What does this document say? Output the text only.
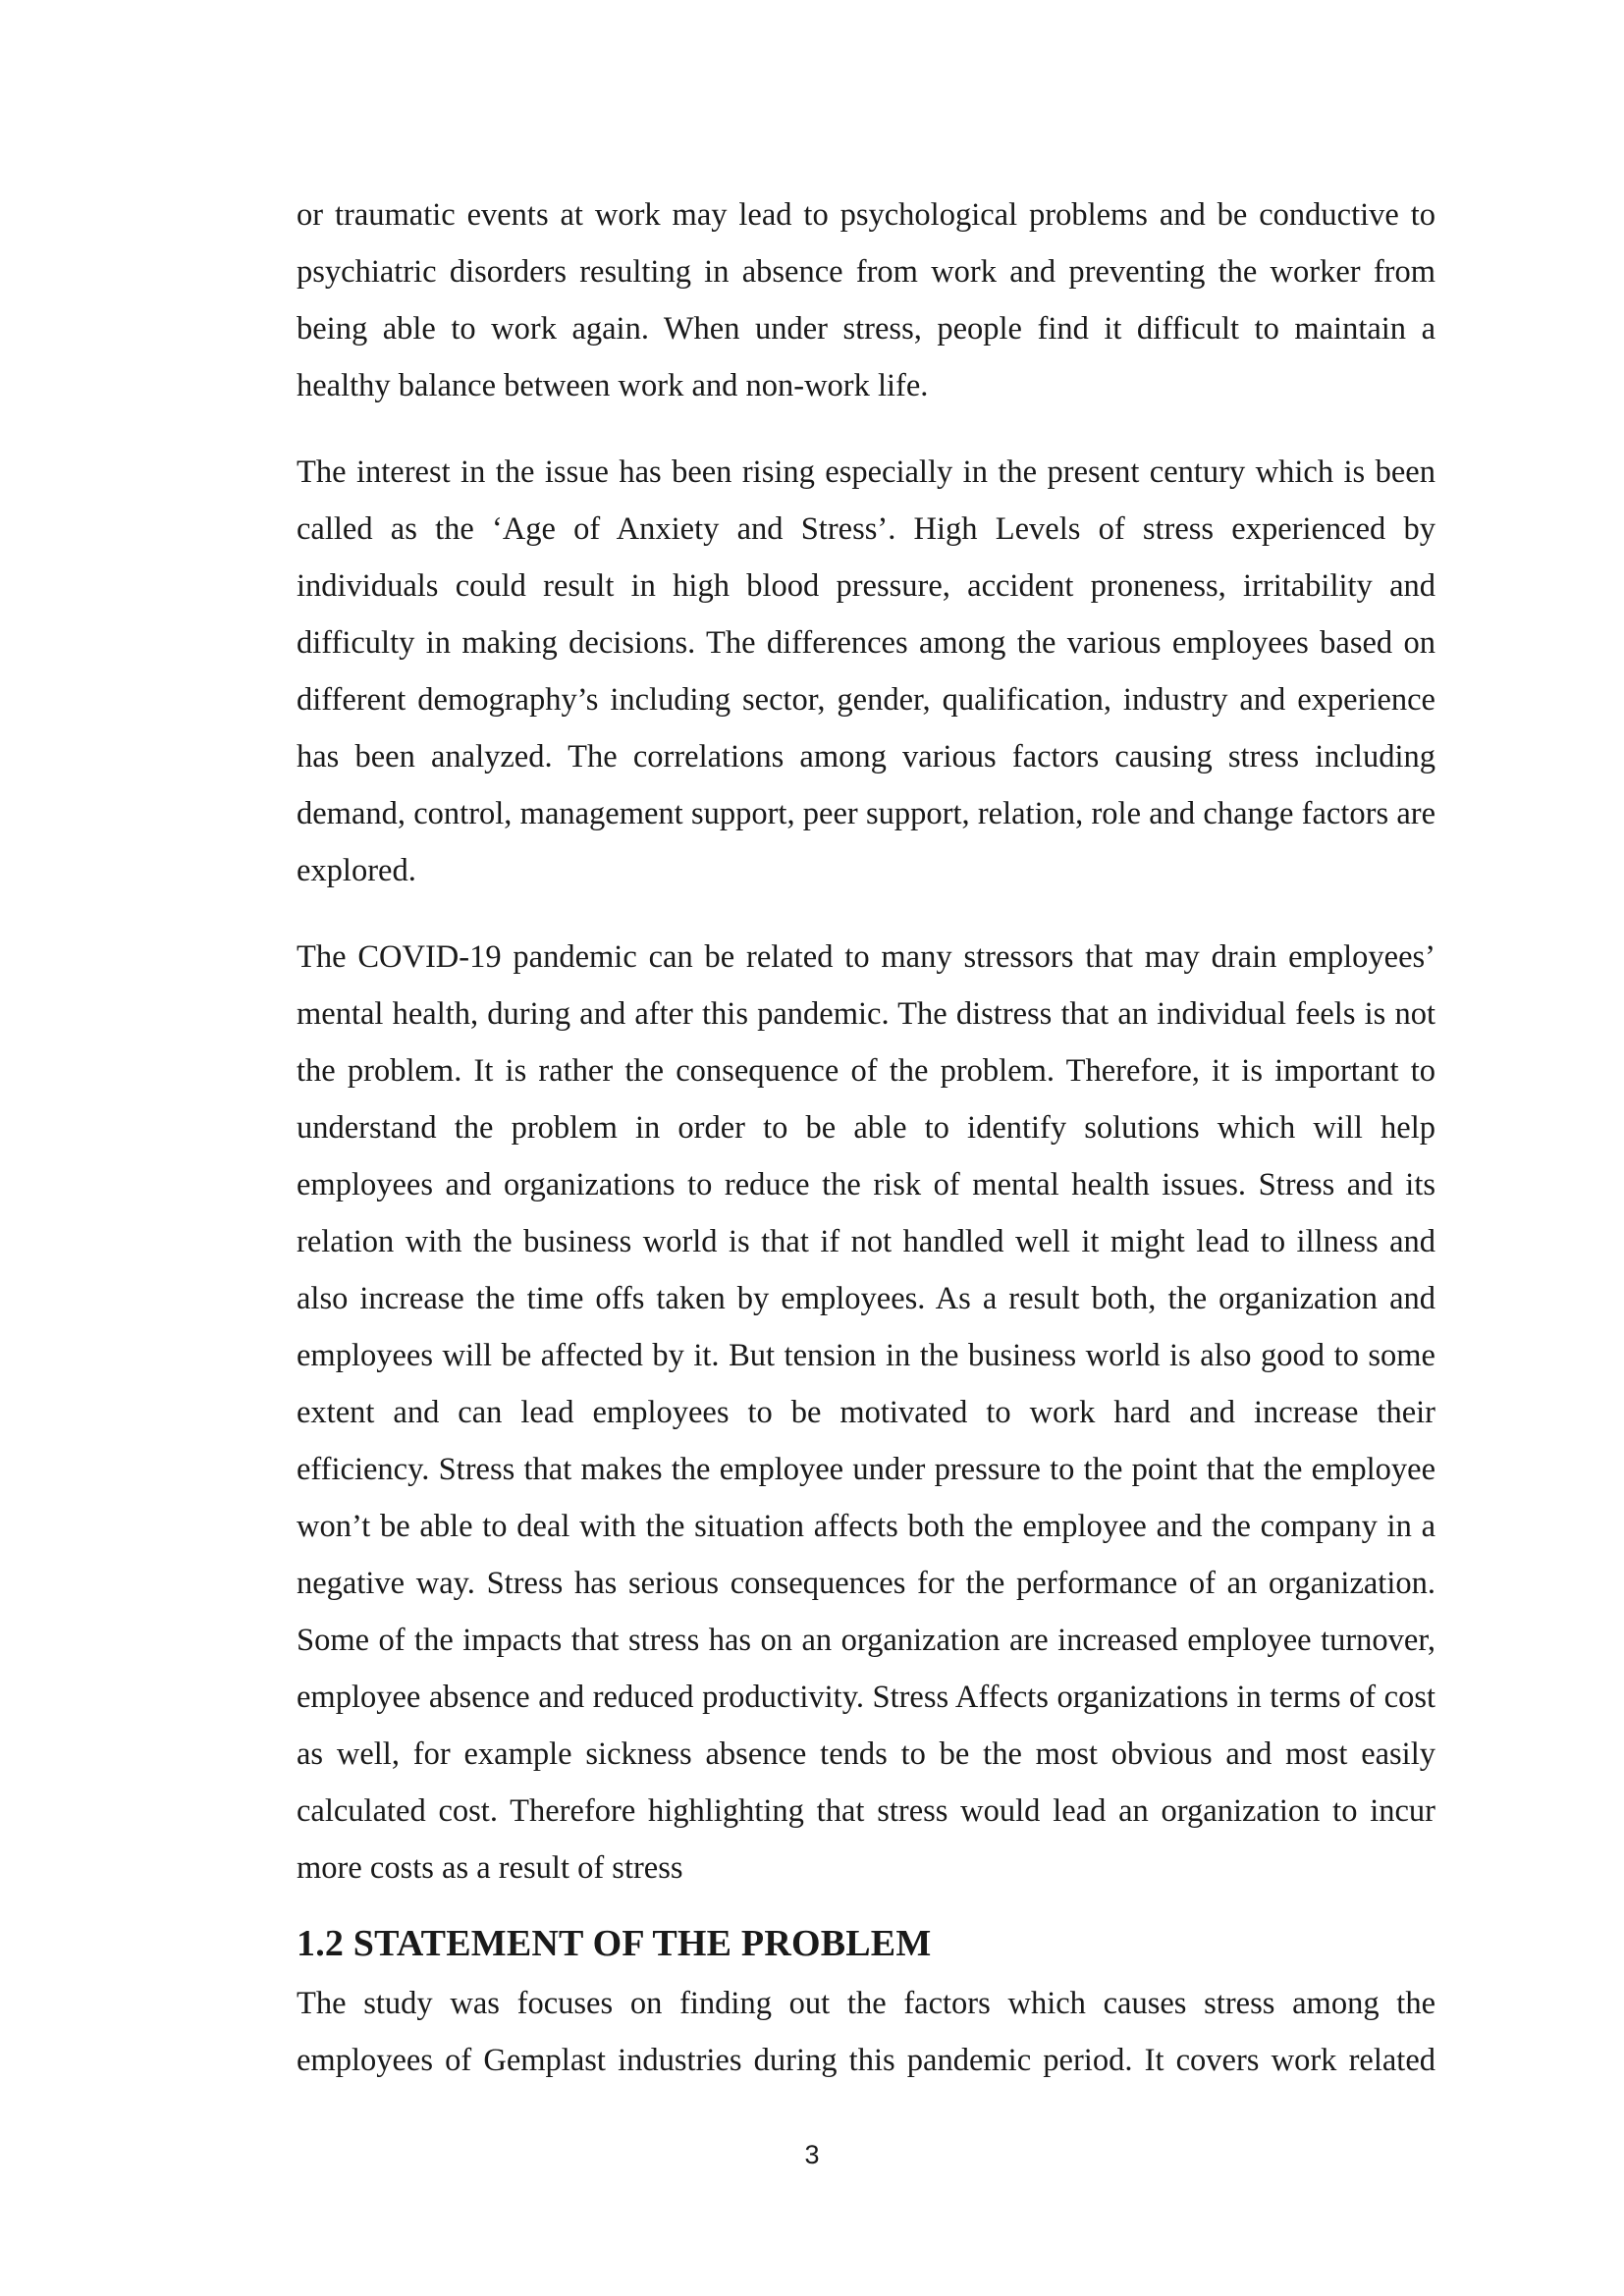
or traumatic events at work may lead to psychological problems and be conductive to psychiatric disorders resulting in absence from work and preventing the worker from being able to work again. When under stress, people find it difficult to maintain a healthy balance between work and non-work life.

The interest in the issue has been rising especially in the present century which is been called as the ‘Age of Anxiety and Stress’. High Levels of stress experienced by individuals could result in high blood pressure, accident proneness, irritability and difficulty in making decisions. The differences among the various employees based on different demography’s including sector, gender, qualification, industry and experience has been analyzed. The correlations among various factors causing stress including demand, control, management support, peer support, relation, role and change factors are explored.

The COVID-19 pandemic can be related to many stressors that may drain employees’ mental health, during and after this pandemic. The distress that an individual feels is not the problem. It is rather the consequence of the problem. Therefore, it is important to understand the problem in order to be able to identify solutions which will help employees and organizations to reduce the risk of mental health issues. Stress and its relation with the business world is that if not handled well it might lead to illness and also increase the time offs taken by employees. As a result both, the organization and employees will be affected by it. But tension in the business world is also good to some extent and can lead employees to be motivated to work hard and increase their efficiency. Stress that makes the employee under pressure to the point that the employee won’t be able to deal with the situation affects both the employee and the company in a negative way. Stress has serious consequences for the performance of an organization. Some of the impacts that stress has on an organization are increased employee turnover, employee absence and reduced productivity. Stress Affects organizations in terms of cost as well, for example sickness absence tends to be the most obvious and most easily calculated cost. Therefore highlighting that stress would lead an organization to incur more costs as a result of stress

1.2 STATEMENT OF THE PROBLEM

The study was focuses on finding out the factors which causes stress among the employees of Gemplast industries during this pandemic period. It covers work related

3
